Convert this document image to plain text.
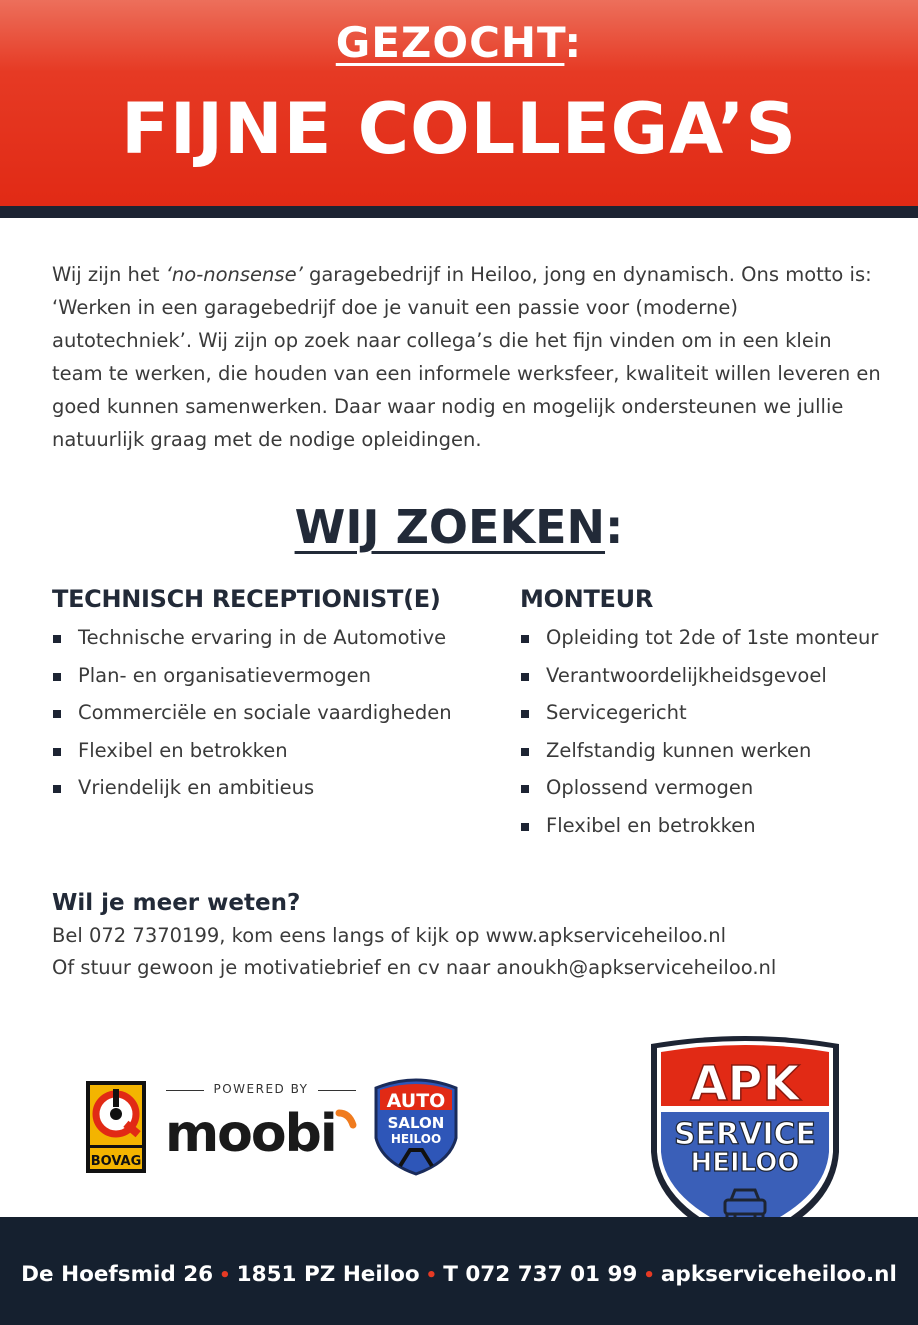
GEZOCHT:
FIJNE COLLEGA’S
Wij zijn het ‘no-nonsense’ garagebedrijf in Heiloo, jong en dynamisch. Ons motto is: ‘Werken in een garagebedrijf doe je vanuit een passie voor (moderne) autotechniek’. Wij zijn op zoek naar collega’s die het fijn vinden om in een klein team te werken, die houden van een informele werksfeer, kwaliteit willen leveren en goed kunnen samenwerken. Daar waar nodig en mogelijk ondersteunen we jullie natuurlijk graag met de nodige opleidingen.
WIJ ZOEKEN:
TECHNISCH RECEPTIONIST(E)
Technische ervaring in de Automotive
Plan- en organisatievermogen
Commerciële en sociale vaardigheden
Flexibel en betrokken
Vriendelijk en ambitieus
MONTEUR
Opleiding tot 2de of 1ste monteur
Verantwoordelijkheidsgevoel
Servicegericht
Zelfstandig kunnen werken
Oplossend vermogen
Flexibel en betrokken
Wil je meer weten?

Bel 072 7370199, kom eens langs of kijk op www.apkserviceheiloo.nl

Of stuur gewoon je motivatiebrief en cv naar anoukh@apkserviceheiloo.nl

BOVAG
POWERED BY
moobi
AUTO
SALON
HEILOO
APK
SERVICE
HEILOO
De Hoefsmid 26 • 1851 PZ Heiloo • T 072 737 01 99 • apkserviceheiloo.nl
